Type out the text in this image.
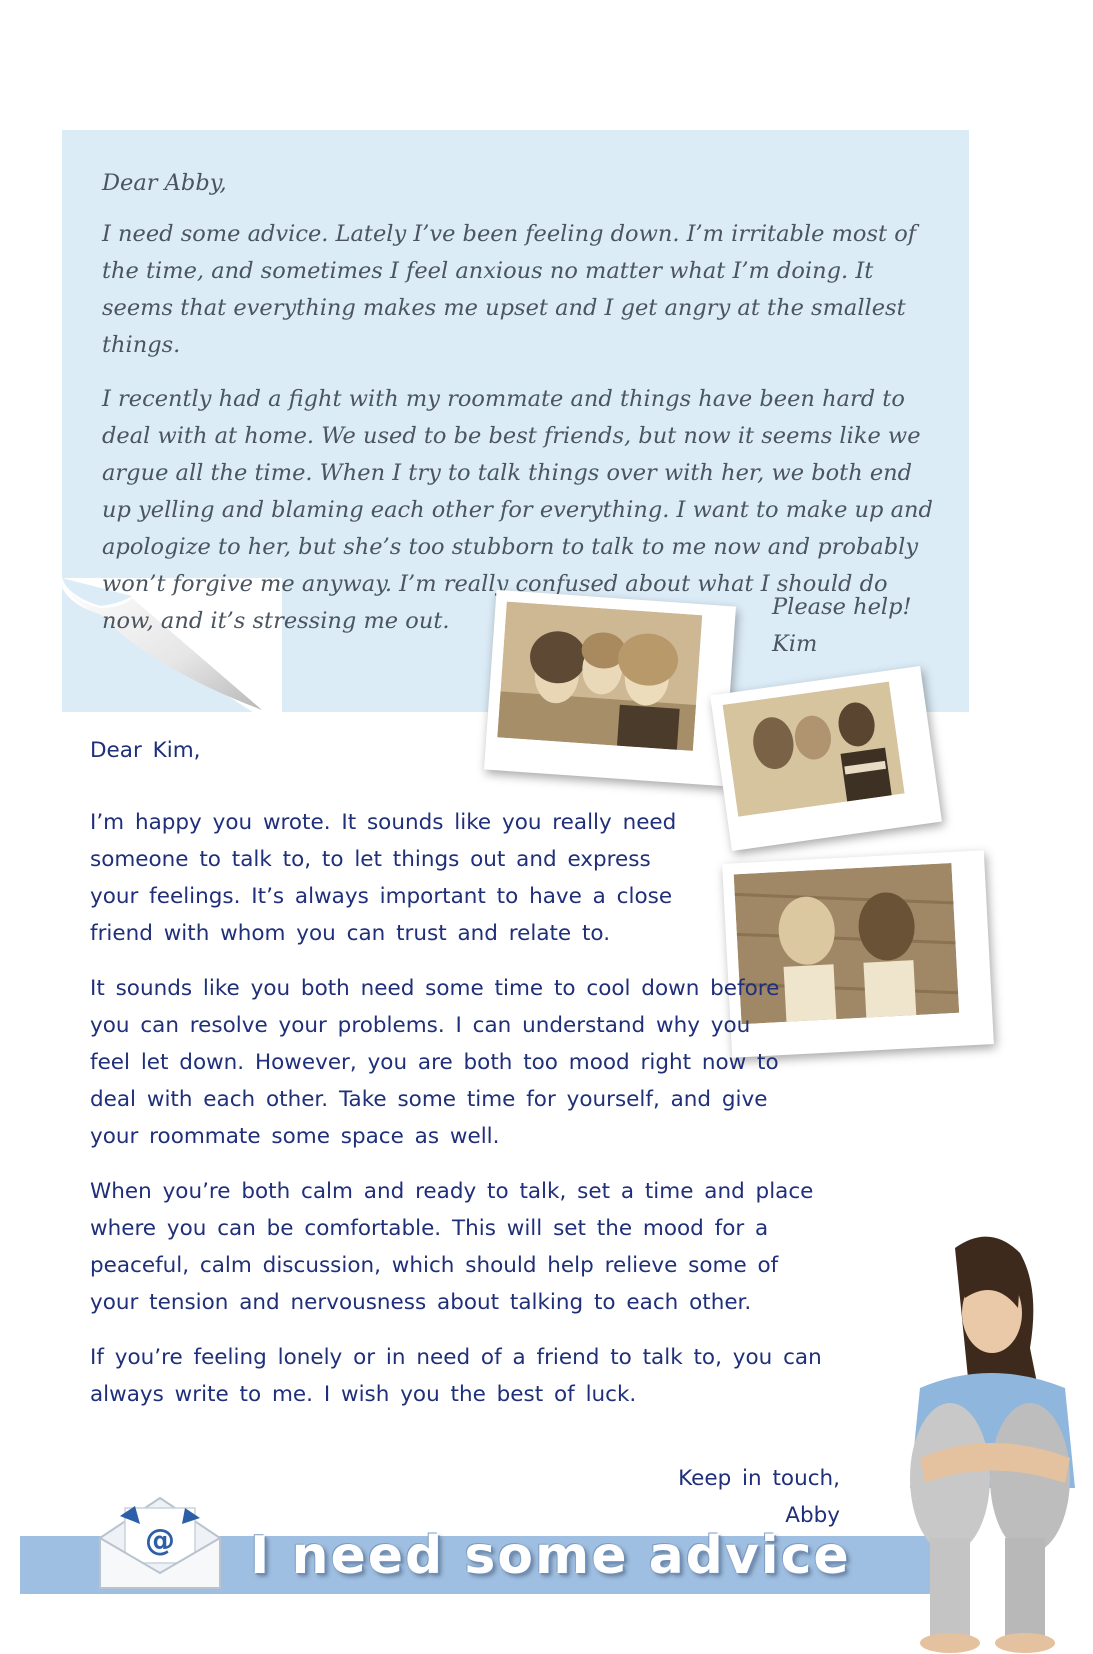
Dear Abby,

I need some advice. Lately I’ve been feeling down. I’m irritable most of the time, and sometimes I feel anxious no matter what I’m doing. It seems that everything makes me upset and I get angry at the smallest things.

I recently had a fight with my roommate and things have been hard to deal with at home. We used to be best friends, but now it seems like we argue all the time. When I try to talk things over with her, we both end up yelling and blaming each other for everything. I want to make up and apologize to her, but she’s too stubborn to talk to me now and probably won’t forgive me anyway. I’m really confused about what I should do now, and it’s stressing me out.

Please help!
Kim

Dear Kim,

I’m happy you wrote. It sounds like you really need someone to talk to, to let things out and express your feelings. It’s always important to have a close friend with whom you can trust and relate to.

It sounds like you both need some time to cool down before you can resolve your problems. I can understand why you feel let down. However, you are both too mood right now to deal with each other. Take some time for yourself, and give your roommate some space as well.

When you’re both calm and ready to talk, set a time and place where you can be comfortable. This will set the mood for a peaceful, calm discussion, which should help relieve some of your tension and nervousness about talking to each other.

If you’re feeling lonely or in need of a friend to talk to, you can always write to me. I wish you the best of luck.

Keep in touch,
Abby
@ I need some advice
